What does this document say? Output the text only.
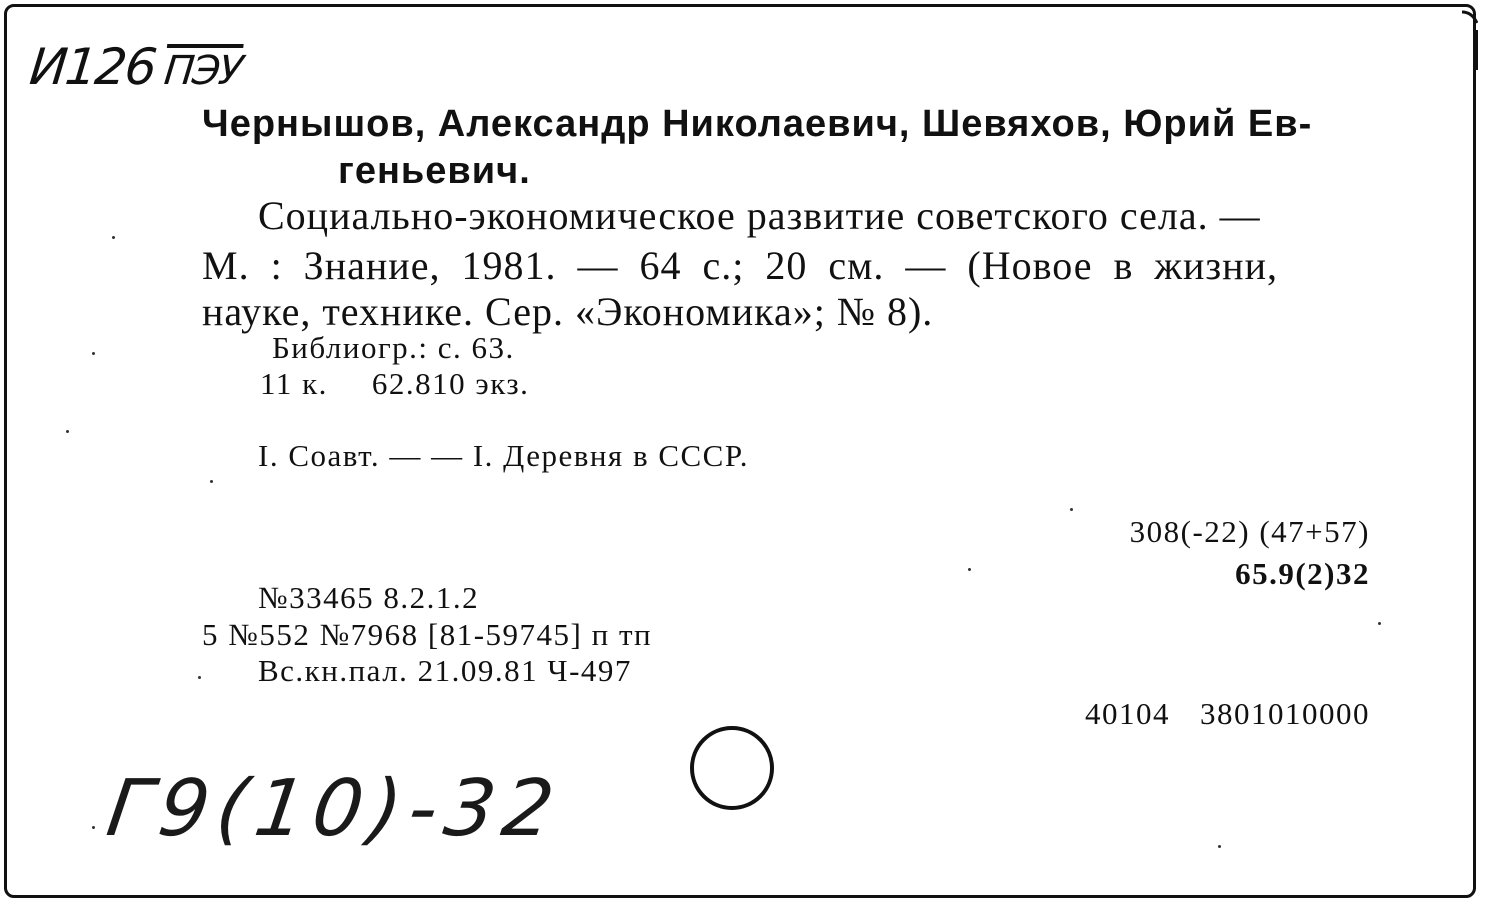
И126 ПЭУ
Чернышов, Александр Николаевич, Шевяхов, Юрий Ев-
геньевич.
Социально-экономическое развитие советского села. —
М. : Знание, 1981. — 64 с.; 20 см. — (Новое в жизни,
науке, технике. Сер. «Экономика»; № 8).
Библиогр.: с. 63.
11 к. 62.810 экз.
I. Соавт. — — I. Деревня в СССР.
308(-22) (47+57)
65.9(2)32
№33465 8.2.1.2
5 №552 №7968 [81-59745] п тп
Вс.кн.пал. 21.09.81 Ч-497
40104 3801010000
Г9(10)-32
